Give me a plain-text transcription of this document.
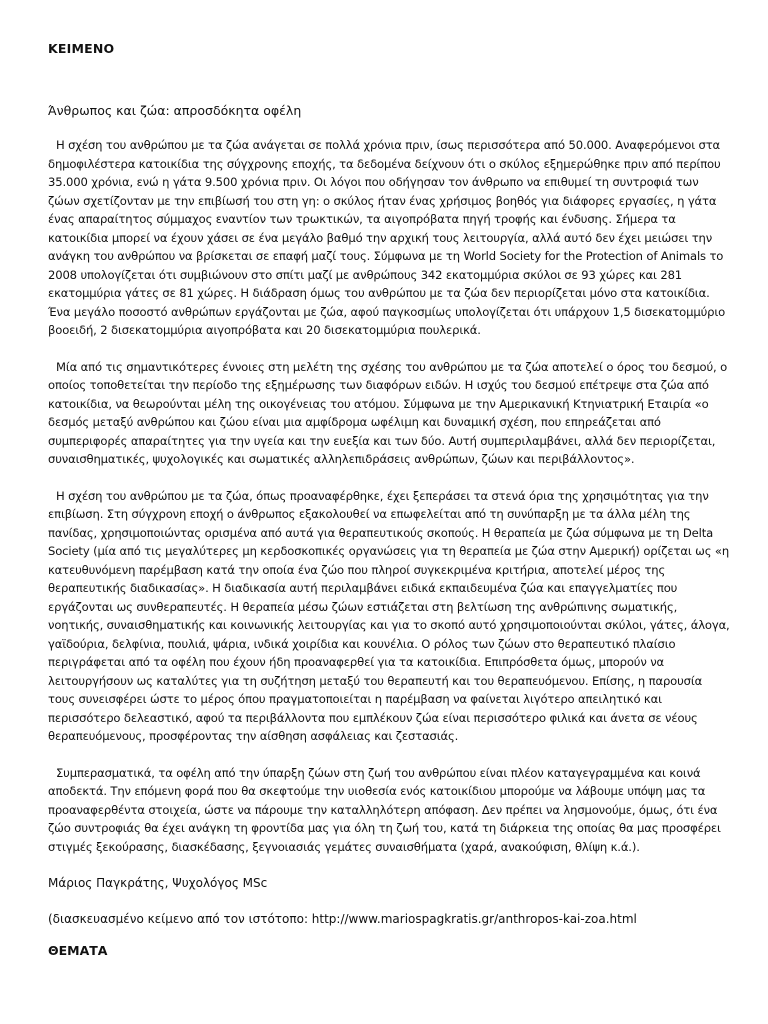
ΚΕΙΜΕΝΟ
Άνθρωπος και ζώα: απροσδόκητα οφέλη

Η σχέση του ανθρώπου με τα ζώα ανάγεται σε πολλά χρόνια πριν, ίσως περισσότερα από 50.000. Αναφερόμενοι στα δημοφιλέστερα κατοικίδια της σύγχρονης εποχής, τα δεδομένα δείχνουν ότι ο σκύλος εξημερώθηκε πριν από περίπου 35.000 χρόνια, ενώ η γάτα 9.500 χρόνια πριν. Οι λόγοι που οδήγησαν τον άνθρωπο να επιθυμεί τη συντροφιά των ζώων σχετίζονταν με την επιβίωσή του στη γη: ο σκύλος ήταν ένας χρήσιμος βοηθός για διάφορες εργασίες, η γάτα ένας απαραίτητος σύμμαχος εναντίον των τρωκτικών, τα αιγοπρόβατα πηγή τροφής και ένδυσης. Σήμερα τα κατοικίδια μπορεί να έχουν χάσει σε ένα μεγάλο βαθμό την αρχική τους λειτουργία, αλλά αυτό δεν έχει μειώσει την ανάγκη του ανθρώπου να βρίσκεται σε επαφή μαζί τους. Σύμφωνα με τη World Society for the Protection of Animals το 2008 υπολογίζεται ότι συμβιώνουν στο σπίτι μαζί με ανθρώπους 342 εκατομμύρια σκύλοι σε 93 χώρες και 281 εκατομμύρια γάτες σε 81 χώρες. Η διάδραση όμως του ανθρώπου με τα ζώα δεν περιορίζεται μόνο στα κατοικίδια. Ένα μεγάλο ποσοστό ανθρώπων εργάζονται με ζώα, αφού παγκοσμίως υπολογίζεται ότι υπάρχουν 1,5 δισεκατομμύριο βοοειδή, 2 δισεκατομμύρια αιγοπρόβατα και 20 δισεκατομμύρια πουλερικά.

Μία από τις σημαντικότερες έννοιες στη μελέτη της σχέσης του ανθρώπου με τα ζώα αποτελεί ο όρος του δεσμού, ο οποίος τοποθετείται την περίοδο της εξημέρωσης των διαφόρων ειδών. Η ισχύς του δεσμού επέτρεψε στα ζώα από κατοικίδια, να θεωρούνται μέλη της οικογένειας του ατόμου. Σύμφωνα με την Αμερικανική Κτηνιατρική Εταιρία «ο δεσμός μεταξύ ανθρώπου και ζώου είναι μια αμφίδρομα ωφέλιμη και δυναμική σχέση, που επηρεάζεται από συμπεριφορές απαραίτητες για την υγεία και την ευεξία και των δύο. Αυτή συμπεριλαμβάνει, αλλά δεν περιορίζεται, συναισθηματικές, ψυχολογικές και σωματικές αλληλεπιδράσεις ανθρώπων, ζώων και περιβάλλοντος».

Η σχέση του ανθρώπου με τα ζώα, όπως προαναφέρθηκε, έχει ξεπεράσει τα στενά όρια της χρησιμότητας για την επιβίωση. Στη σύγχρονη εποχή ο άνθρωπος εξακολουθεί να επωφελείται από τη συνύπαρξη με τα άλλα μέλη της πανίδας, χρησιμοποιώντας ορισμένα από αυτά για θεραπευτικούς σκοπούς. Η θεραπεία με ζώα σύμφωνα με τη Delta Society (μία από τις μεγαλύτερες μη κερδοσκοπικές οργανώσεις για τη θεραπεία με ζώα στην Αμερική) ορίζεται ως «η κατευθυνόμενη παρέμβαση κατά την οποία ένα ζώο που πληροί συγκεκριμένα κριτήρια, αποτελεί μέρος της θεραπευτικής διαδικασίας». Η διαδικασία αυτή περιλαμβάνει ειδικά εκπαιδευμένα ζώα και επαγγελματίες που εργάζονται ως συνθεραπευτές. Η θεραπεία μέσω ζώων εστιάζεται στη βελτίωση της ανθρώπινης σωματικής, νοητικής, συναισθηματικής και κοινωνικής λειτουργίας και για το σκοπό αυτό χρησιμοποιούνται σκύλοι, γάτες, άλογα, γαϊδούρια, δελφίνια, πουλιά, ψάρια, ινδικά χοιρίδια και κουνέλια. Ο ρόλος των ζώων στο θεραπευτικό πλαίσιο περιγράφεται από τα οφέλη που έχουν ήδη προαναφερθεί για τα κατοικίδια. Επιπρόσθετα όμως, μπορούν να λειτουργήσουν ως καταλύτες για τη συζήτηση μεταξύ του θεραπευτή και του θεραπευόμενου. Επίσης, η παρουσία τους συνεισφέρει ώστε το μέρος όπου πραγματοποιείται η παρέμβαση να φαίνεται λιγότερο απειλητικό και περισσότερο δελεαστικό, αφού τα περιβάλλοντα που εμπλέκουν ζώα είναι περισσότερο φιλικά και άνετα σε νέους θεραπευόμενους, προσφέροντας την αίσθηση ασφάλειας και ζεστασιάς.

Συμπερασματικά, τα οφέλη από την ύπαρξη ζώων στη ζωή του ανθρώπου είναι πλέον καταγεγραμμένα και κοινά αποδεκτά. Την επόμενη φορά που θα σκεφτούμε την υιοθεσία ενός κατοικίδιου μπορούμε να λάβουμε υπόψη μας τα προαναφερθέντα στοιχεία, ώστε να πάρουμε την καταλληλότερη απόφαση. Δεν πρέπει να λησμονούμε, όμως, ότι ένα ζώο συντροφιάς θα έχει ανάγκη τη φροντίδα μας για όλη τη ζωή του, κατά τη διάρκεια της οποίας θα μας προσφέρει στιγμές ξεκούρασης, διασκέδασης, ξεγνοιασιάς γεμάτες συναισθήματα (χαρά, ανακούφιση, θλίψη κ.ά.).

Μάριος Παγκράτης, Ψυχολόγος MSc
(διασκευασμένο κείμενο από τον ιστότοπο: http://www.mariospagkratis.gr/anthropos-kai-zoa.html
ΘΕΜΑΤΑ
